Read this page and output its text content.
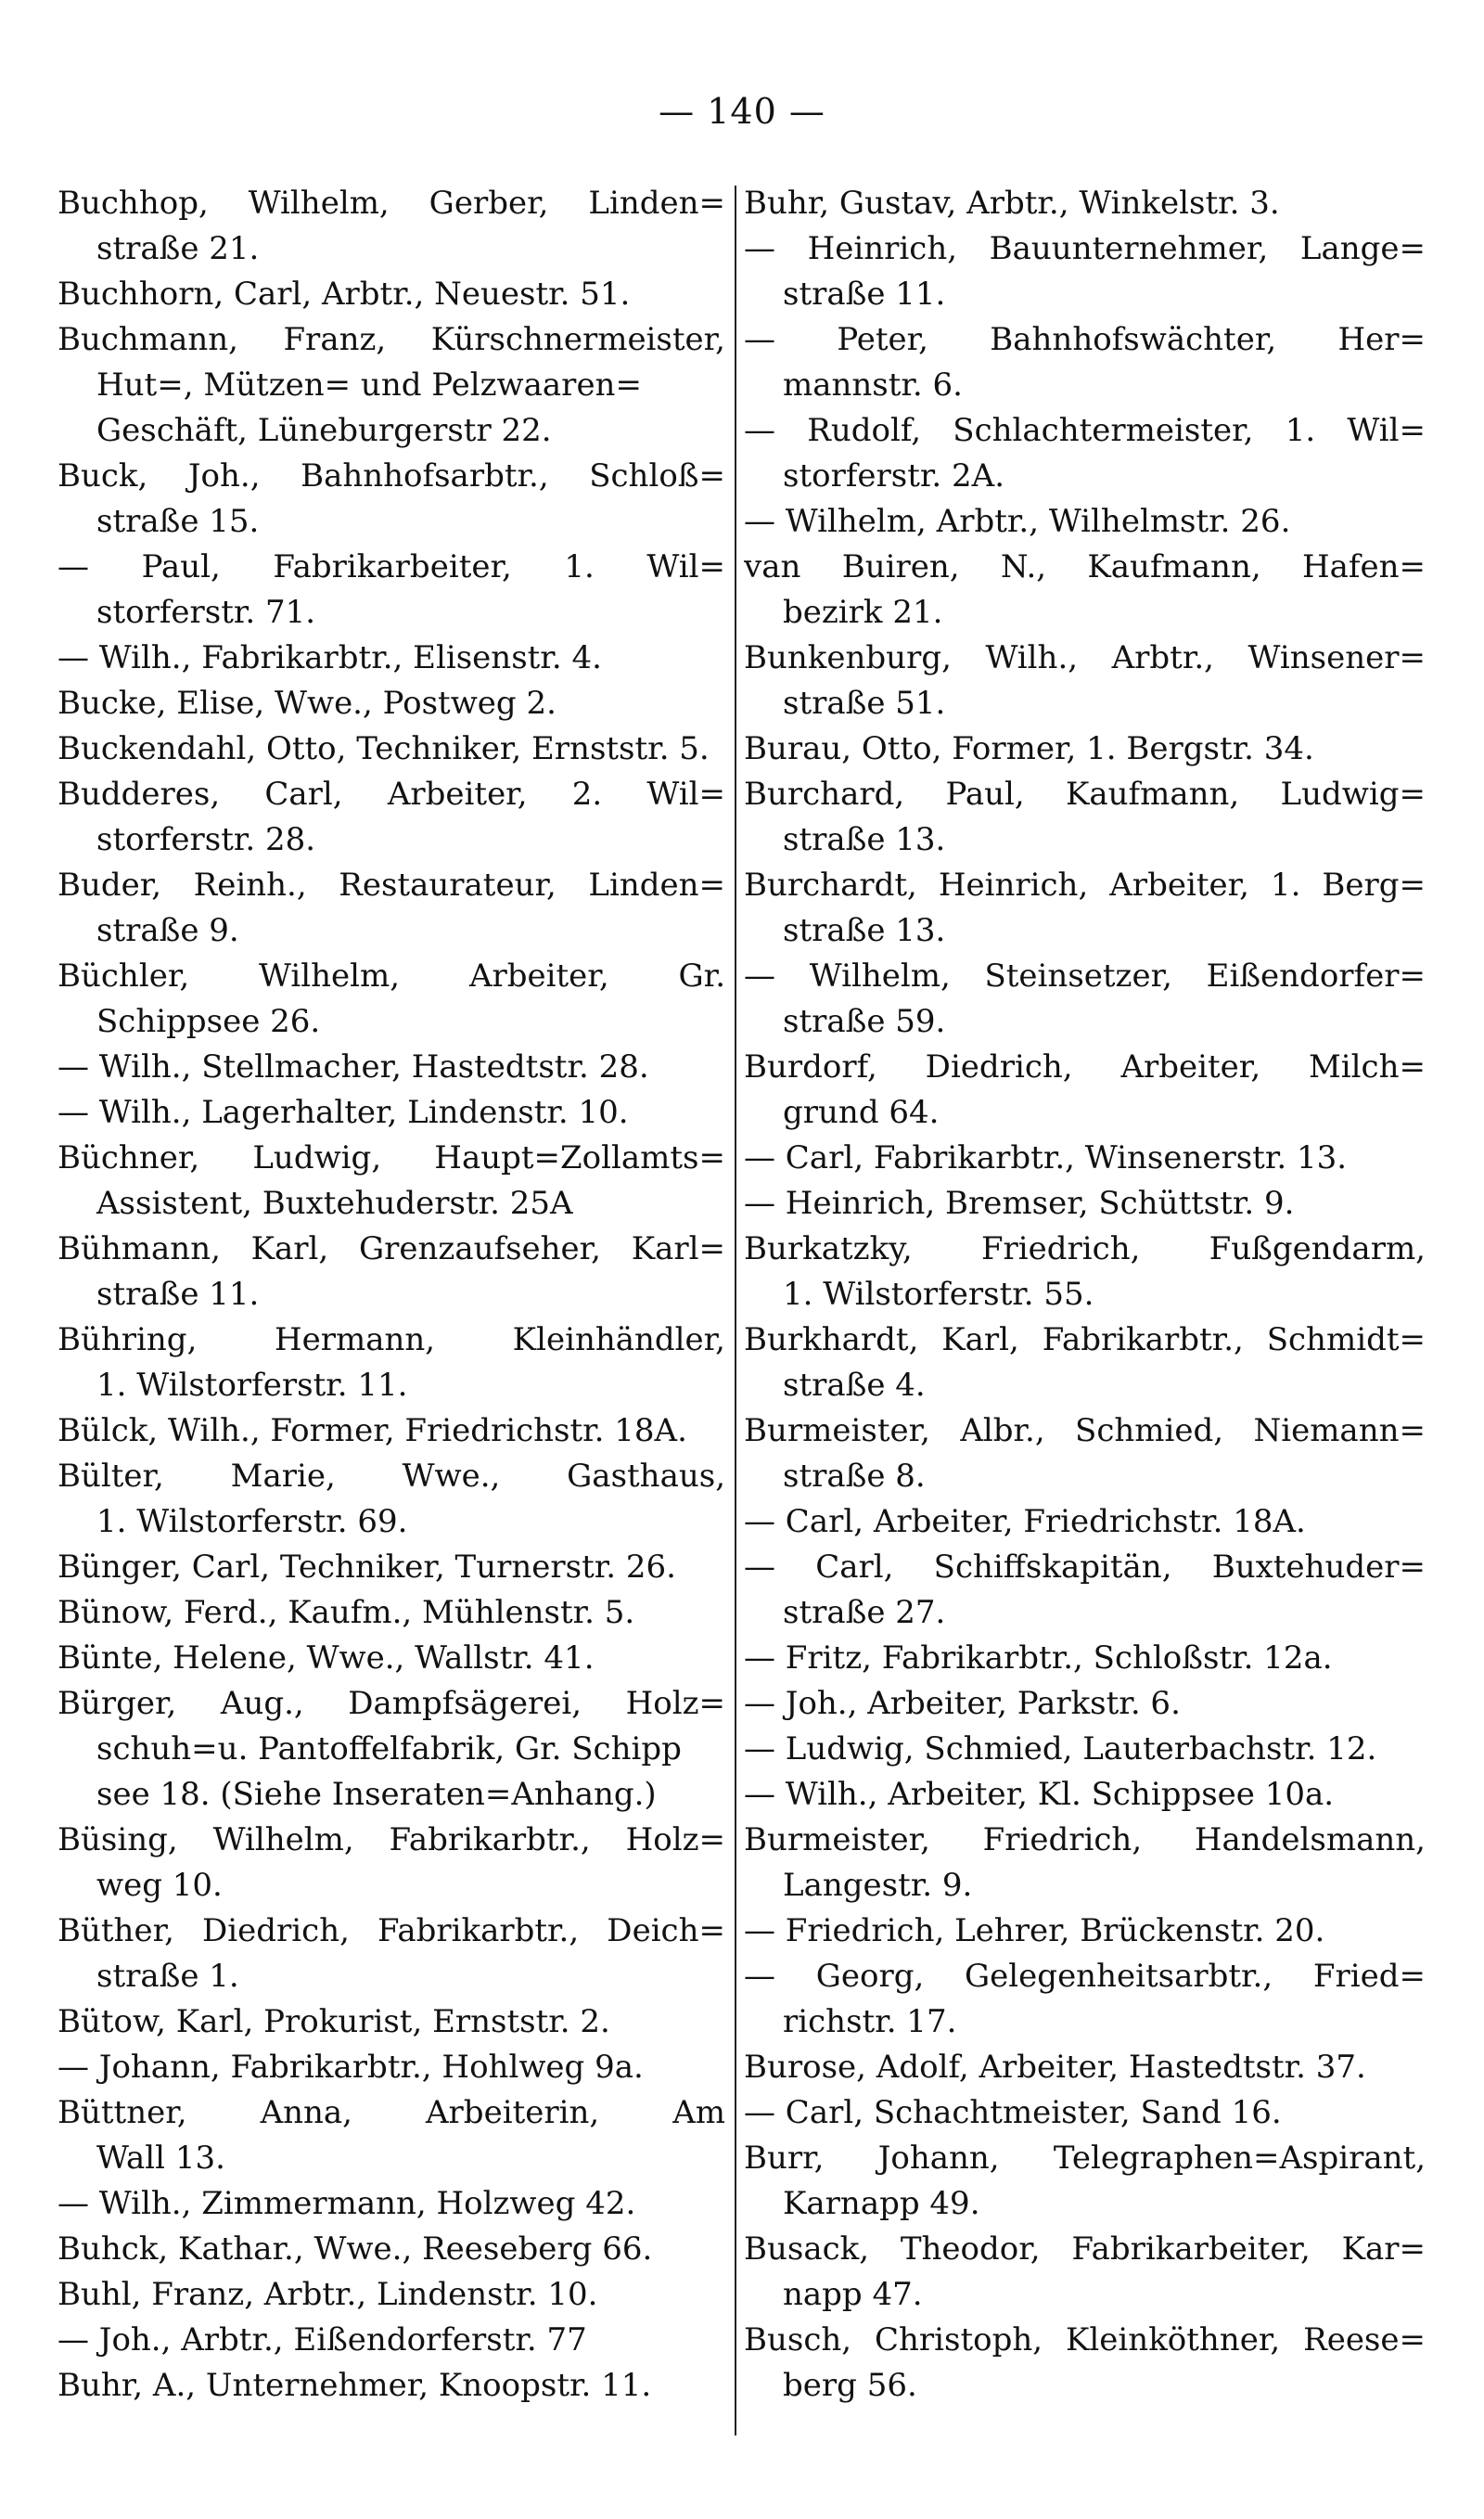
— 140 —
Buchhop, Wilhelm, Gerber, Linden=
straße 21.
Buchhorn, Carl, Arbtr., Neuestr. 51.
Buchmann, Franz, Kürschnermeister,
Hut=, Mützen= und Pelzwaaren=
Geschäft, Lüneburgerstr 22.
Buck, Joh., Bahnhofsarbtr., Schloß=
straße 15.
— Paul, Fabrikarbeiter, 1. Wil=
storferstr. 71.
— Wilh., Fabrikarbtr., Elisenstr. 4.
Bucke, Elise, Wwe., Postweg 2.
Buckendahl, Otto, Techniker, Ernststr. 5.
Budderes, Carl, Arbeiter, 2. Wil=
storferstr. 28.
Buder, Reinh., Restaurateur, Linden=
straße 9.
Büchler, Wilhelm, Arbeiter, Gr.
Schippsee 26.
— Wilh., Stellmacher, Hastedtstr. 28.
— Wilh., Lagerhalter, Lindenstr. 10.
Büchner, Ludwig, Haupt=Zollamts=
Assistent, Buxtehuderstr. 25A
Bühmann, Karl, Grenzaufseher, Karl=
straße 11.
Bühring, Hermann, Kleinhändler,
1. Wilstorferstr. 11.
Bülck, Wilh., Former, Friedrichstr. 18A.
Bülter, Marie, Wwe., Gasthaus,
1. Wilstorferstr. 69.
Bünger, Carl, Techniker, Turnerstr. 26.
Bünow, Ferd., Kaufm., Mühlenstr. 5.
Bünte, Helene, Wwe., Wallstr. 41.
Bürger, Aug., Dampfsägerei, Holz=
schuh=u. Pantoffelfabrik, Gr. Schipp
see 18. (Siehe Inseraten=Anhang.)
Büsing, Wilhelm, Fabrikarbtr., Holz=
weg 10.
Büther, Diedrich, Fabrikarbtr., Deich=
straße 1.
Bütow, Karl, Prokurist, Ernststr. 2.
— Johann, Fabrikarbtr., Hohlweg 9a.
Büttner, Anna, Arbeiterin, Am
Wall 13.
— Wilh., Zimmermann, Holzweg 42.
Buhck, Kathar., Wwe., Reeseberg 66.
Buhl, Franz, Arbtr., Lindenstr. 10.
— Joh., Arbtr., Eißendorferstr. 77
Buhr, A., Unternehmer, Knoopstr. 11.
Buhr, Gustav, Arbtr., Winkelstr. 3.
— Heinrich, Bauunternehmer, Lange=
straße 11.
— Peter, Bahnhofswächter, Her=
mannstr. 6.
— Rudolf, Schlachtermeister, 1. Wil=
storferstr. 2A.
— Wilhelm, Arbtr., Wilhelmstr. 26.
van Buiren, N., Kaufmann, Hafen=
bezirk 21.
Bunkenburg, Wilh., Arbtr., Winsener=
straße 51.
Burau, Otto, Former, 1. Bergstr. 34.
Burchard, Paul, Kaufmann, Ludwig=
straße 13.
Burchardt, Heinrich, Arbeiter, 1. Berg=
straße 13.
— Wilhelm, Steinsetzer, Eißendorfer=
straße 59.
Burdorf, Diedrich, Arbeiter, Milch=
grund 64.
— Carl, Fabrikarbtr., Winsenerstr. 13.
— Heinrich, Bremser, Schüttstr. 9.
Burkatzky, Friedrich, Fußgendarm,
1. Wilstorferstr. 55.
Burkhardt, Karl, Fabrikarbtr., Schmidt=
straße 4.
Burmeister, Albr., Schmied, Niemann=
straße 8.
— Carl, Arbeiter, Friedrichstr. 18A.
— Carl, Schiffskapitän, Buxtehuder=
straße 27.
— Fritz, Fabrikarbtr., Schloßstr. 12a.
— Joh., Arbeiter, Parkstr. 6.
— Ludwig, Schmied, Lauterbachstr. 12.
— Wilh., Arbeiter, Kl. Schippsee 10a.
Burmeister, Friedrich, Handelsmann,
Langestr. 9.
— Friedrich, Lehrer, Brückenstr. 20.
— Georg, Gelegenheitsarbtr., Fried=
richstr. 17.
Burose, Adolf, Arbeiter, Hastedtstr. 37.
— Carl, Schachtmeister, Sand 16.
Burr, Johann, Telegraphen=Aspirant,
Karnapp 49.
Busack, Theodor, Fabrikarbeiter, Kar=
napp 47.
Busch, Christoph, Kleinköthner, Reese=
berg 56.
